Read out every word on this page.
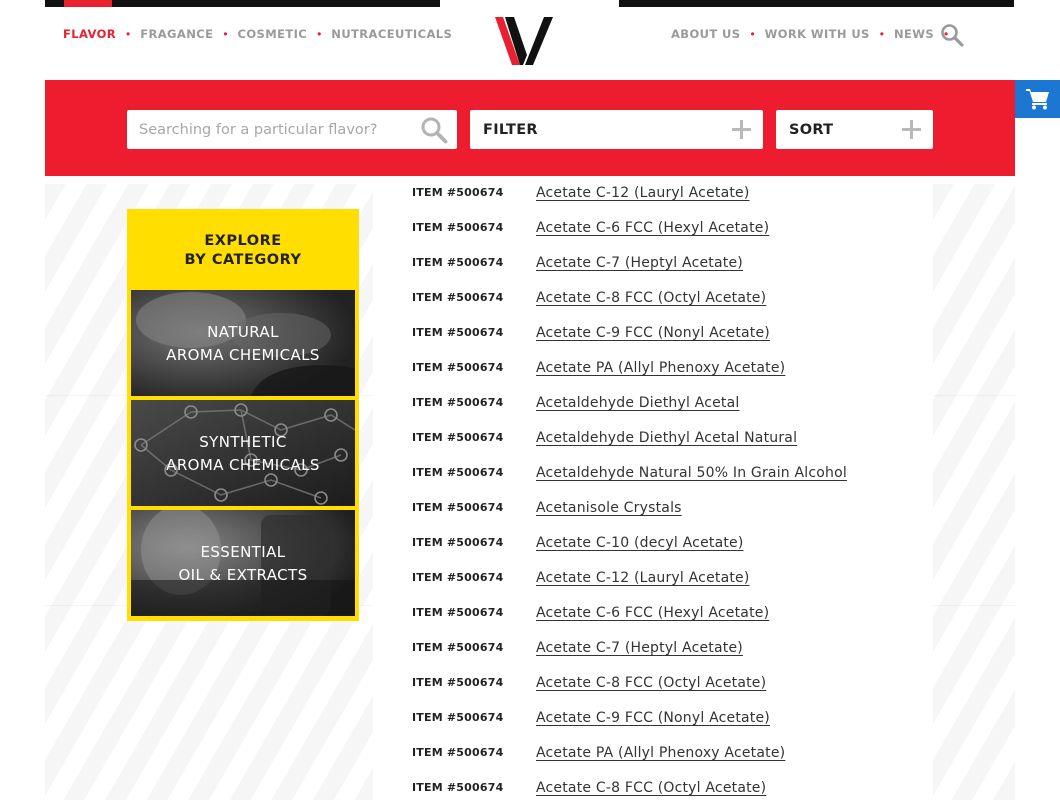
FLAVOR • FRAGANCE • COSMETIC • NUTRACEUTICALS	ABOUT US • WORK WITH US • NEWS •
Searching for a particular flavor?
FILTER	SORT
EXPLORE
BY CATEGORY
NATURAL
AROMA CHEMICALS
SYNTHETIC
AROMA CHEMICALS
ESSENTIAL
OIL & EXTRACTS
ITEM #500674	Acetate C-12 (Lauryl Acetate)
ITEM #500674	Acetate C-6 FCC (Hexyl Acetate)
ITEM #500674	Acetate C-7 (Heptyl Acetate)
ITEM #500674	Acetate C-8 FCC (Octyl Acetate)
ITEM #500674	Acetate C-9 FCC (Nonyl Acetate)
ITEM #500674	Acetate PA (Allyl Phenoxy Acetate)
ITEM #500674	Acetaldehyde Diethyl Acetal
ITEM #500674	Acetaldehyde Diethyl Acetal Natural
ITEM #500674	Acetaldehyde Natural 50% In Grain Alcohol
ITEM #500674	Acetanisole Crystals
ITEM #500674	Acetate C-10 (decyl Acetate)
ITEM #500674	Acetate C-12 (Lauryl Acetate)
ITEM #500674	Acetate C-6 FCC (Hexyl Acetate)
ITEM #500674	Acetate C-7 (Heptyl Acetate)
ITEM #500674	Acetate C-8 FCC (Octyl Acetate)
ITEM #500674	Acetate C-9 FCC (Nonyl Acetate)
ITEM #500674	Acetate PA (Allyl Phenoxy Acetate)
ITEM #500674	Acetate C-8 FCC (Octyl Acetate)
